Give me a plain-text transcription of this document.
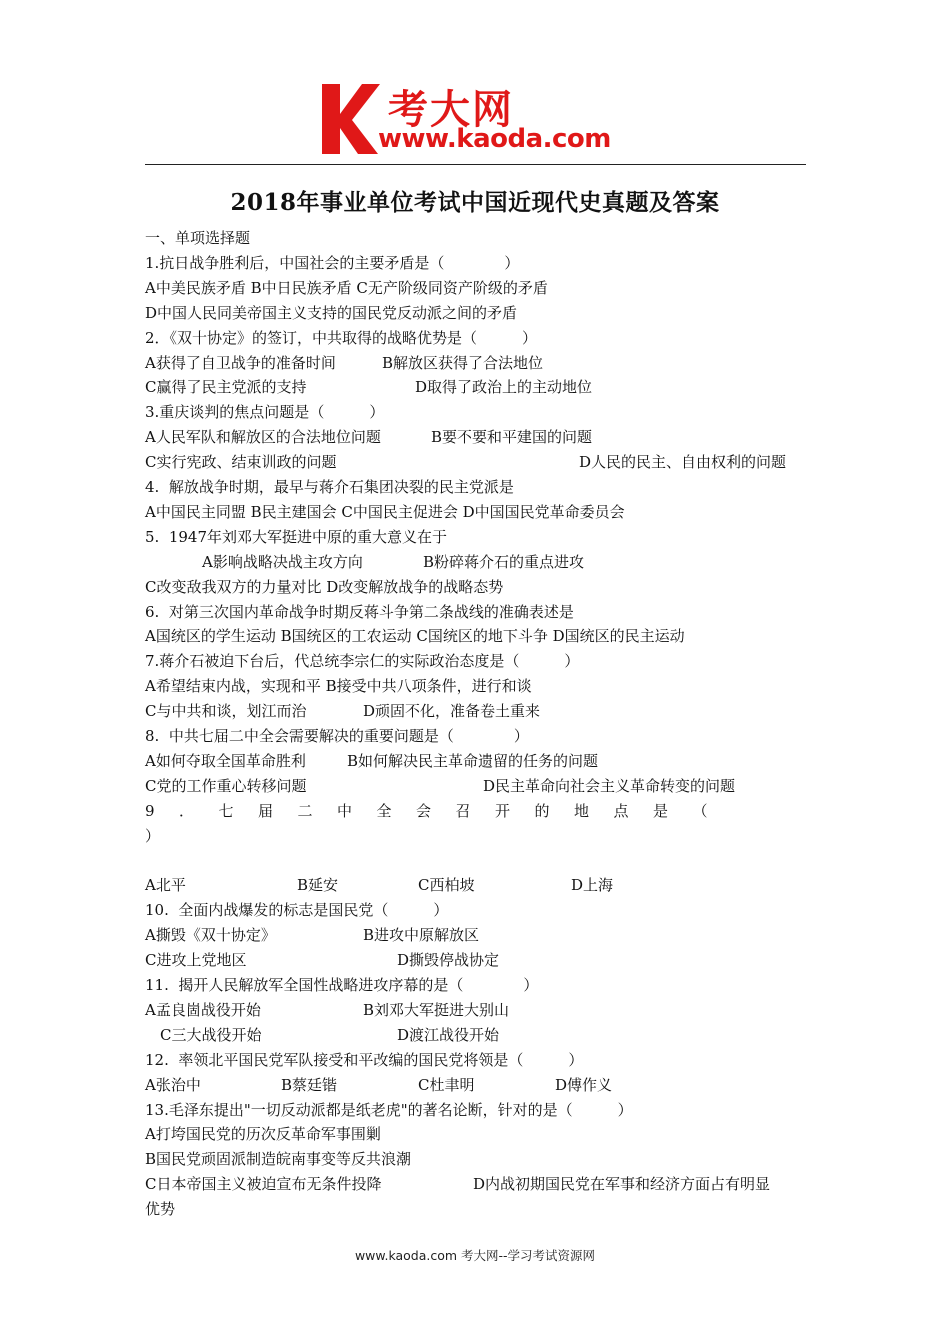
考大网
www.kaoda.com
2018年事业单位考试中国近现代史真题及答案
一、单项选择题
1.抗日战争胜利后，中国社会的主要矛盾是（　　　　）
A中美民族矛盾 B中日民族矛盾 C无产阶级同资产阶级的矛盾
D中国人民同美帝国主义支持的国民党反动派之间的矛盾
2．《双十协定》的签订，中共取得的战略优势是（　　　）
A获得了自卫战争的准备时间	B解放区获得了合法地位
C赢得了民主党派的支持	D取得了政治上的主动地位
3.重庆谈判的焦点问题是（　　　）
A人民军队和解放区的合法地位问题	B要不要和平建国的问题
C实行宪政、结束训政的问题	D人民的民主、自由权利的问题
4.  解放战争时期，最早与蒋介石集团决裂的民主党派是
A中国民主同盟 B民主建国会 C中国民主促进会 D中国国民党革命委员会
5.  1947年刘邓大军挺进中原的重大意义在于
A影响战略决战主攻方向	B粉碎蒋介石的重点进攻
C改变敌我双方的力量对比 D改变解放战争的战略态势
6.  对第三次国内革命战争时期反蒋斗争第二条战线的准确表述是
A国统区的学生运动 B国统区的工农运动 C国统区的地下斗争 D国统区的民主运动
7.蒋介石被迫下台后，代总统李宗仁的实际政治态度是（　　　）
A希望结束内战，实现和平 B接受中共八项条件，进行和谈
C与中共和谈，划江而治	D顽固不化，准备卷土重来
8.  中共七届二中全会需要解决的重要问题是（　　　　）
A如何夺取全国革命胜利	B如何解决民主革命遗留的任务的问题
C党的工作重心转移问题	D民主革命向社会主义革命转变的问题
9．七届二中全会召开的地点是（
）
A北平	B延安	C西柏坡	D上海
10.  全面内战爆发的标志是国民党（　　　）
A撕毁《双十协定》	B进攻中原解放区
C进攻上党地区	D撕毁停战协定
11.  揭开人民解放军全国性战略进攻序幕的是（　　　　）
A孟良崮战役开始	B刘邓大军挺进大别山
C三大战役开始	D渡江战役开始
12.  率领北平国民党军队接受和平改编的国民党将领是（　　　）
A张治中	B蔡廷锴	C杜聿明	D傅作义
13.毛泽东提出"一切反动派都是纸老虎"的著名论断，针对的是（　　　）
A打垮国民党的历次反革命军事围剿
B国民党顽固派制造皖南事变等反共浪潮
C日本帝国主义被迫宣布无条件投降	D内战初期国民党在军事和经济方面占有明显
优势
www.kaoda.com 考大网--学习考试资源网
